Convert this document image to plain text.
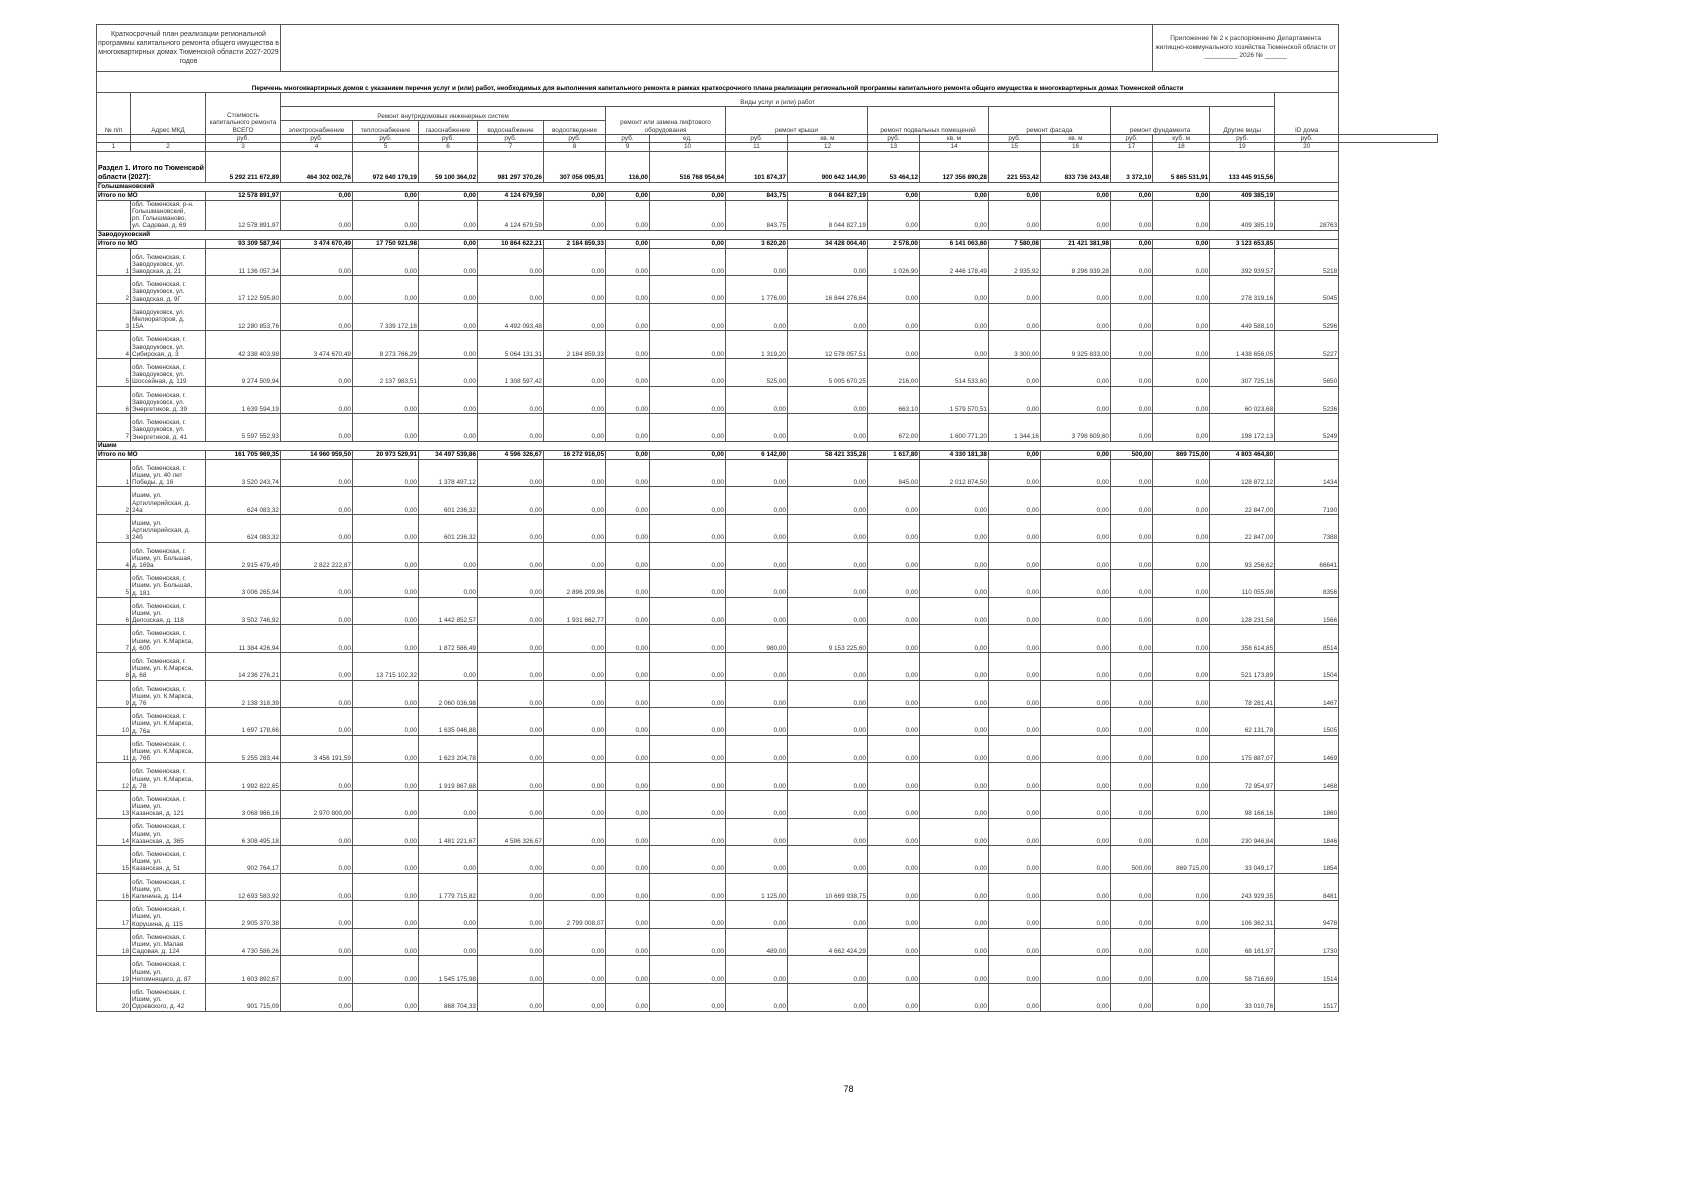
Краткосрочный план реализации региональной программы капитального ремонта общего имущества в многоквартирных домах Тюменской области 2027-2029 годов																	Приложение № 2 к распоряжению Департамента жилищно-коммунального хозяйства Тюменской области от _________ 2026 № ______			
Перечень многоквартирных домов с указанием перечня услуг и (или) работ, необходимых для выполнения капитального ремонта в рамках краткосрочного плана реализации региональной программы капитального ремонта общего имущества в многоквартирных домах Тюменской области																				
№ п/п	Адрес МКД	Стоимость капитального ремонта ВСЕГО	Виды услуг и (или) работ																ID дома	
			Ремонт внутридомовых инженерных систем					ремонт или замена лифтового оборудования		ремонт крыши		ремонт подвальных помещений		ремонт фасада		ремонт фундамента		Другие виды		
			электроснабжение	теплоснабжение	газоснабжение	водоснабжение	водоотведение													
		руб.	руб.	руб.	руб.	руб.	руб.	руб.	ед.	руб.	кв. м	руб.	кв. м	руб.	кв. м	руб.	куб. м	руб.	руб.	
1	2	3	4	5	6	7	8	9	10	11	12	13	14	15	16	17	18	19	20	
Раздел 1. Итого по Тюменской области (2027):		5 292 211 672,89	464 302 002,76	972 640 179,19	59 100 364,02	981 297 370,26	307 056 095,91	116,00	516 768 954,64	101 874,37	900 642 144,90	53 464,12	127 356 890,28	221 553,42	833 736 243,48	3 372,10	5 865 531,91	133 445 915,56		
Голышмановский																				
Итого по МО		12 578 891,97	0,00	0,00	0,00	4 124 679,59	0,00	0,00	0,00	843,75	8 044 827,19	0,00	0,00	0,00	0,00	0,00	0,00	409 385,19		
	обл. Тюменская, р-н. Голышмановский,
рп. Голышманово,
ул. Садовая, д. 69	12 578 891,97	0,00	0,00	0,00	4 124 679,59	0,00	0,00	0,00	843,75	8 044 827,19	0,00	0,00	0,00	0,00	0,00	0,00	409 385,19	28763	
Заводоуковский																				
Итого по МО		93 309 587,94	3 474 670,49	17 750 921,98	0,00	10 864 622,21	2 184 859,33	0,00	0,00	3 620,20	34 428 004,40	2 578,00	6 141 063,60	7 580,08	21 421 381,98	0,00	0,00	3 123 653,85		
1	обл. Тюменская, г.
Заводоуковск, ул.
Заводская, д. 21	11 136 057,34	0,00	0,00	0,00	0,00	0,00	0,00	0,00	0,00	0,00	1 026,90	2 446 178,49	2 935,92	8 296 939,28	0,00	0,00	392 939,57	5218	
2	обл. Тюменская, г.
Заводоуковск, ул.
Заводская, д. 9Г	17 122 595,80	0,00	0,00	0,00	0,00	0,00	0,00	0,00	1 776,00	16 844 276,64	0,00	0,00	0,00	0,00	0,00	0,00	278 319,16	5045	
3	Заводоуковск, ул.
Мелиораторов, д.
15А	12 280 853,76	0,00	7 339 172,18	0,00	4 492 093,48	0,00	0,00	0,00	0,00	0,00	0,00	0,00	0,00	0,00	0,00	0,00	449 588,10	5296	
4	обл. Тюменская, г.
Заводоуковск, ул.
Сибирская, д. 3	42 338 403,98	3 474 670,49	8 273 766,29	0,00	5 064 131,31	2 184 859,33	0,00	0,00	1 319,20	12 578 057,51	0,00	0,00	3 300,00	9 325 833,00	0,00	0,00	1 438 656,05	5227	
5	обл. Тюменская, г.
Заводоуковск, ул.
Шоссейная, д. 119	9 274 509,94	0,00	2 137 983,51	0,00	1 308 597,42	0,00	0,00	0,00	525,00	5 005 670,25	216,00	514 533,60	0,00	0,00	0,00	0,00	307 725,16	5650	
6	обл. Тюменская, г.
Заводоуковск, ул.
Энергетиков, д. 39	1 639 594,19	0,00	0,00	0,00	0,00	0,00	0,00	0,00	0,00	0,00	663,10	1 579 570,51	0,00	0,00	0,00	0,00	60 023,68	5236	
7	обл. Тюменская, г.
Заводоуковск, ул.
Энергетиков, д. 41	5 597 552,93	0,00	0,00	0,00	0,00	0,00	0,00	0,00	0,00	0,00	672,00	1 600 771,20	1 344,16	3 798 609,60	0,00	0,00	198 172,13	5249	
Ишим																				
Итого по МО		161 705 969,35	14 960 959,50	20 973 529,91	34 497 539,86	4 596 326,67	16 272 916,05	0,00	0,00	6 142,00	58 421 335,28	1 617,80	4 330 181,38	0,00	0,00	500,00	869 715,00	4 803 464,80		
1	обл. Тюменская, г.
Ишим, ул. 40 лет
Победы, д. 16	3 520 243,74	0,00	0,00	1 378 497,12	0,00	0,00	0,00	0,00	0,00	0,00	845,00	2 012 874,50	0,00	0,00	0,00	0,00	128 872,12	1434	
2	Ишим, ул.
Артиллерийская, д.
24а	624 083,32	0,00	0,00	601 236,32	0,00	0,00	0,00	0,00	0,00	0,00	0,00	0,00	0,00	0,00	0,00	0,00	22 847,00	7190	
3	Ишим, ул.
Артиллерийская, д.
24б	624 083,32	0,00	0,00	601 236,32	0,00	0,00	0,00	0,00	0,00	0,00	0,00	0,00	0,00	0,00	0,00	0,00	22 847,00	7388	
4	обл. Тюменская, г.
Ишим, ул. Большая,
д. 169а	2 915 479,49	2 822 222,87	0,00	0,00	0,00	0,00	0,00	0,00	0,00	0,00	0,00	0,00	0,00	0,00	0,00	0,00	93 256,62	66641	
5	обл. Тюменская, г.
Ишим, ул. Большая,
д. 181	3 006 265,94	0,00	0,00	0,00	0,00	2 896 209,96	0,00	0,00	0,00	0,00	0,00	0,00	0,00	0,00	0,00	0,00	110 055,98	8356	
6	обл. Тюменская, г.
Ишим, ул.
Депозская, д. 118	3 502 746,92	0,00	0,00	1 442 852,57	0,00	1 931 662,77	0,00	0,00	0,00	0,00	0,00	0,00	0,00	0,00	0,00	0,00	128 231,58	1566	
7	обл. Тюменская, г.
Ишим, ул. К.Маркса,
д. 60б	11 384 426,94	0,00	0,00	1 872 586,49	0,00	0,00	0,00	0,00	980,00	9 153 225,60	0,00	0,00	0,00	0,00	0,00	0,00	358 614,85	8514	
8	обл. Тюменская, г.
Ишим, ул. К.Маркса,
д. 68	14 236 276,21	0,00	13 715 102,32	0,00	0,00	0,00	0,00	0,00	0,00	0,00	0,00	0,00	0,00	0,00	0,00	0,00	521 173,89	1504	
9	обл. Тюменская, г.
Ишим, ул. К.Маркса,
д. 76	2 138 318,39	0,00	0,00	2 060 036,98	0,00	0,00	0,00	0,00	0,00	0,00	0,00	0,00	0,00	0,00	0,00	0,00	78 281,41	1467	
10	обл. Тюменская, г.
Ишим, ул. К.Маркса,
д. 76а	1 697 178,66	0,00	0,00	1 635 046,88	0,00	0,00	0,00	0,00	0,00	0,00	0,00	0,00	0,00	0,00	0,00	0,00	62 131,78	1505	
11	обл. Тюменская, г.
Ишим, ул. К.Маркса,
д. 76б	5 255 283,44	3 456 191,59	0,00	1 623 204,78	0,00	0,00	0,00	0,00	0,00	0,00	0,00	0,00	0,00	0,00	0,00	0,00	175 887,07	1469	
12	обл. Тюменская, г.
Ишим, ул. К.Маркса,
д. 78	1 992 822,65	0,00	0,00	1 919 867,68	0,00	0,00	0,00	0,00	0,00	0,00	0,00	0,00	0,00	0,00	0,00	0,00	72 954,97	1468	
13	обл. Тюменская, г.
Ишим, ул.
Казанская, д. 121	3 068 966,16	2 970 800,00	0,00	0,00	0,00	0,00	0,00	0,00	0,00	0,00	0,00	0,00	0,00	0,00	0,00	0,00	98 166,16	1860	
14	обл. Тюменская, г.
Ишим, ул.
Казанская, д. 365	6 308 495,18	0,00	0,00	1 481 221,67	4 596 326,67	0,00	0,00	0,00	0,00	0,00	0,00	0,00	0,00	0,00	0,00	0,00	230 946,84	1846	
15	обл. Тюменская, г.
Ишим, ул.
Казанская, д. 51	902 764,17	0,00	0,00	0,00	0,00	0,00	0,00	0,00	0,00	0,00	0,00	0,00	0,00	0,00	500,00	869 715,00	33 049,17	1854	
16	обл. Тюменская, г.
Ишим, ул.
Калинина, д. 114	12 693 583,92	0,00	0,00	1 779 715,82	0,00	0,00	0,00	0,00	1 125,00	10 669 938,75	0,00	0,00	0,00	0,00	0,00	0,00	243 929,35	8481	
17	обл. Тюменская, г.
Ишим, ул.
Корушина, д. 115	2 905 370,38	0,00	0,00	0,00	0,00	2 799 008,07	0,00	0,00	0,00	0,00	0,00	0,00	0,00	0,00	0,00	0,00	106 362,31	9478	
18	обл. Тюменская, г.
Ишим, ул. Малая
Садовая, д. 124	4 730 586,26	0,00	0,00	0,00	0,00	0,00	0,00	0,00	489,00	4 662 424,29	0,00	0,00	0,00	0,00	0,00	0,00	68 161,97	1730	
19	обл. Тюменская, г.
Ишим, ул.
Непомнящего, д. 87	1 603 892,67	0,00	0,00	1 545 175,98	0,00	0,00	0,00	0,00	0,00	0,00	0,00	0,00	0,00	0,00	0,00	0,00	58 716,69	1514	
20	обл. Тюменская, г.
Ишим, ул.
Одоевского, д. 42	901 715,09	0,00	0,00	868 704,33	0,00	0,00	0,00	0,00	0,00	0,00	0,00	0,00	0,00	0,00	0,00	0,00	33 010,76	1517	
78
